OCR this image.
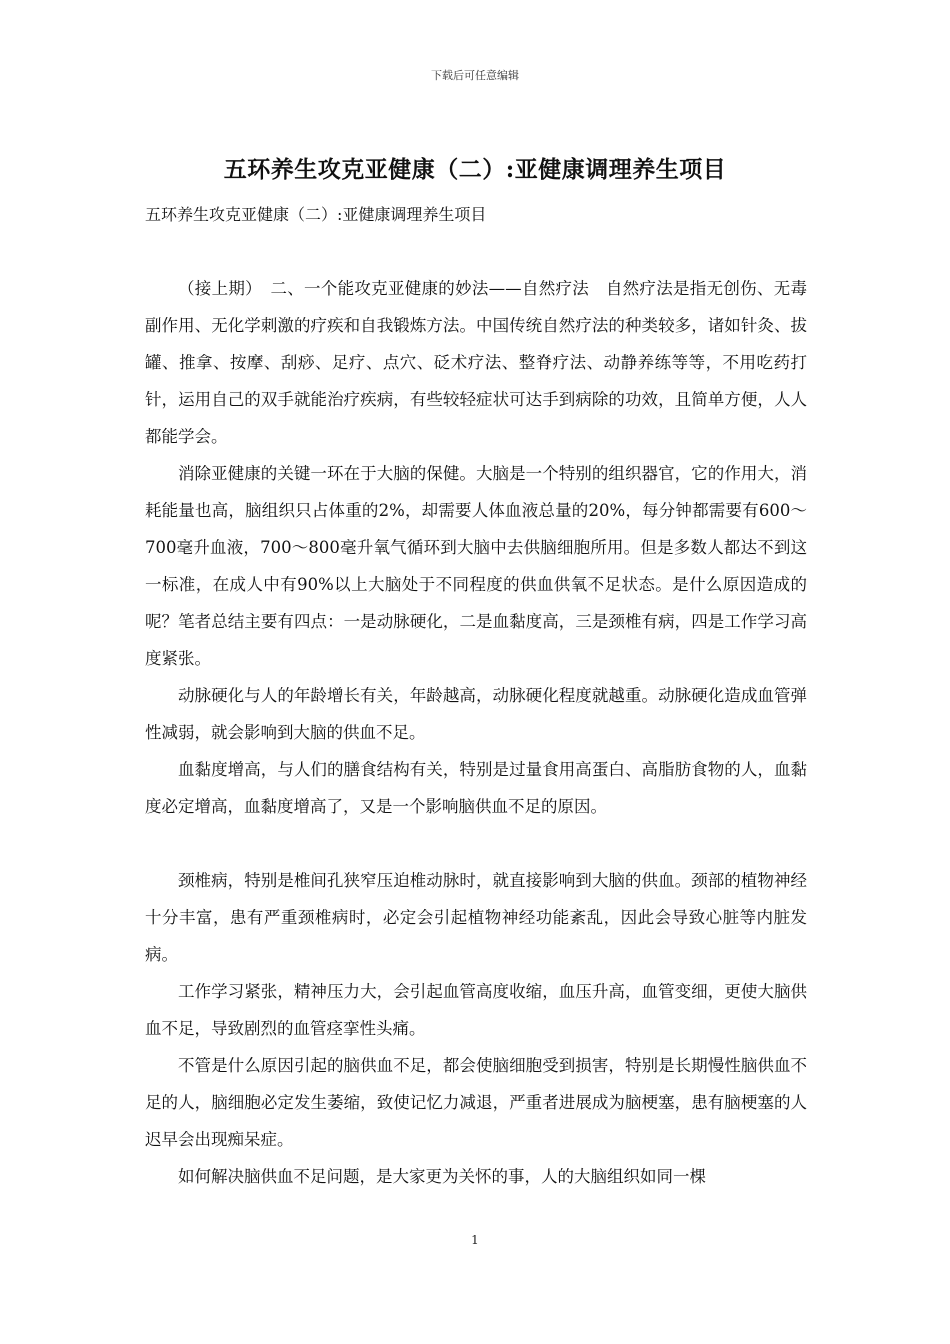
下载后可任意编辑
五环养生攻克亚健康（二）:亚健康调理养生项目
五环养生攻克亚健康（二）:亚健康调理养生项目

（接上期）　二、一个能攻克亚健康的妙法——自然疗法　自然疗法是指无创伤、无毒副作用、无化学刺激的疗疾和自我锻炼方法。中国传统自然疗法的种类较多，诸如针灸、拔罐、推拿、按摩、刮痧、足疗、点穴、砭术疗法、整脊疗法、动静养练等等，不用吃药打针，运用自己的双手就能治疗疾病，有些较轻症状可达手到病除的功效，且简单方便，人人都能学会。

消除亚健康的关键一环在于大脑的保健。大脑是一个特别的组织器官，它的作用大，消耗能量也高，脑组织只占体重的2%，却需要人体血液总量的20%，每分钟都需要有600～700毫升血液，700～800毫升氧气循环到大脑中去供脑细胞所用。但是多数人都达不到这一标准，在成人中有90%以上大脑处于不同程度的供血供氧不足状态。是什么原因造成的呢？笔者总结主要有四点：一是动脉硬化，二是血黏度高，三是颈椎有病，四是工作学习高度紧张。

动脉硬化与人的年龄增长有关，年龄越高，动脉硬化程度就越重。动脉硬化造成血管弹性减弱，就会影响到大脑的供血不足。

血黏度增高，与人们的膳食结构有关，特别是过量食用高蛋白、高脂肪食物的人，血黏度必定增高，血黏度增高了，又是一个影响脑供血不足的原因。

颈椎病，特别是椎间孔狭窄压迫椎动脉时，就直接影响到大脑的供血。颈部的植物神经十分丰富，患有严重颈椎病时，必定会引起植物神经功能紊乱，因此会导致心脏等内脏发病。

工作学习紧张，精神压力大，会引起血管高度收缩，血压升高，血管变细，更使大脑供血不足，导致剧烈的血管痉挛性头痛。

不管是什么原因引起的脑供血不足，都会使脑细胞受到损害，特别是长期慢性脑供血不足的人，脑细胞必定发生萎缩，致使记忆力减退，严重者进展成为脑梗塞，患有脑梗塞的人迟早会出现痴呆症。

如何解决脑供血不足问题，是大家更为关怀的事，人的大脑组织如同一棵

1
